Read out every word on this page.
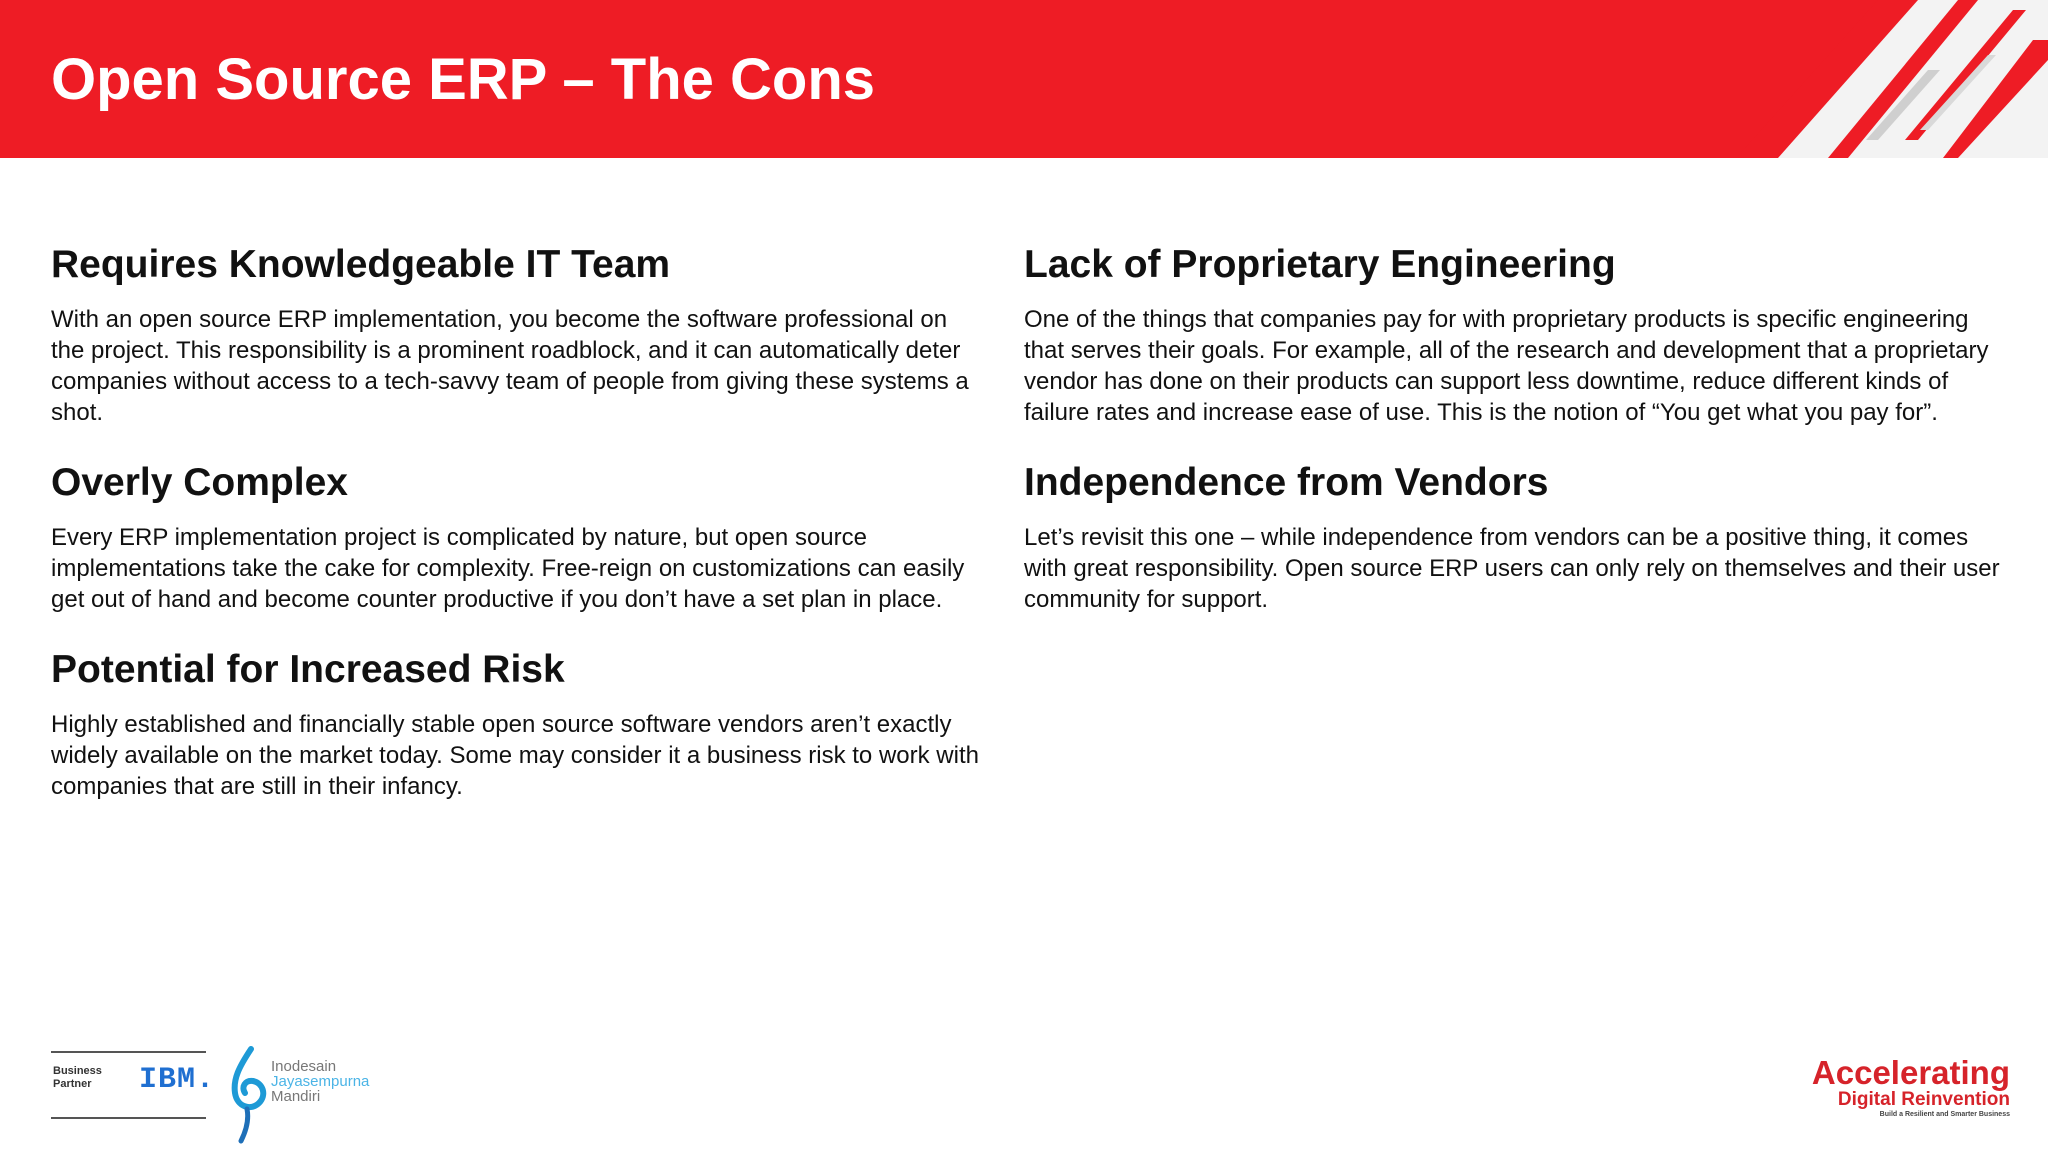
Open Source ERP – The Cons
Requires Knowledgeable IT Team
With an open source ERP implementation, you become the software professional on the project. This responsibility is a prominent roadblock, and it can automatically deter companies without access to a tech-savvy team of people from giving these systems a shot.
Overly Complex
Every ERP implementation project is complicated by nature, but open source implementations take the cake for complexity. Free-reign on customizations can easily get out of hand and become counter productive if you don’t have a set plan in place.
Potential for Increased Risk
Highly established and financially stable open source software vendors aren’t exactly widely available on the market today. Some may consider it a business risk to work with companies that are still in their infancy.
Lack of Proprietary Engineering
One of the things that companies pay for with proprietary products is specific engineering that serves their goals. For example, all of the research and development that a proprietary vendor has done on their products can support less downtime, reduce different kinds of failure rates and increase ease of use. This is the notion of “You get what you pay for”.
Independence from Vendors
Let’s revisit this one – while independence from vendors can be a positive thing, it comes with great responsibility. Open source ERP users can only rely on themselves and their user community for support.
Business
Partner	IBM.	Inodesain
Jayasempurna
Mandiri
Accelerating
Digital Reinvention
Build a Resilient and Smarter Business
